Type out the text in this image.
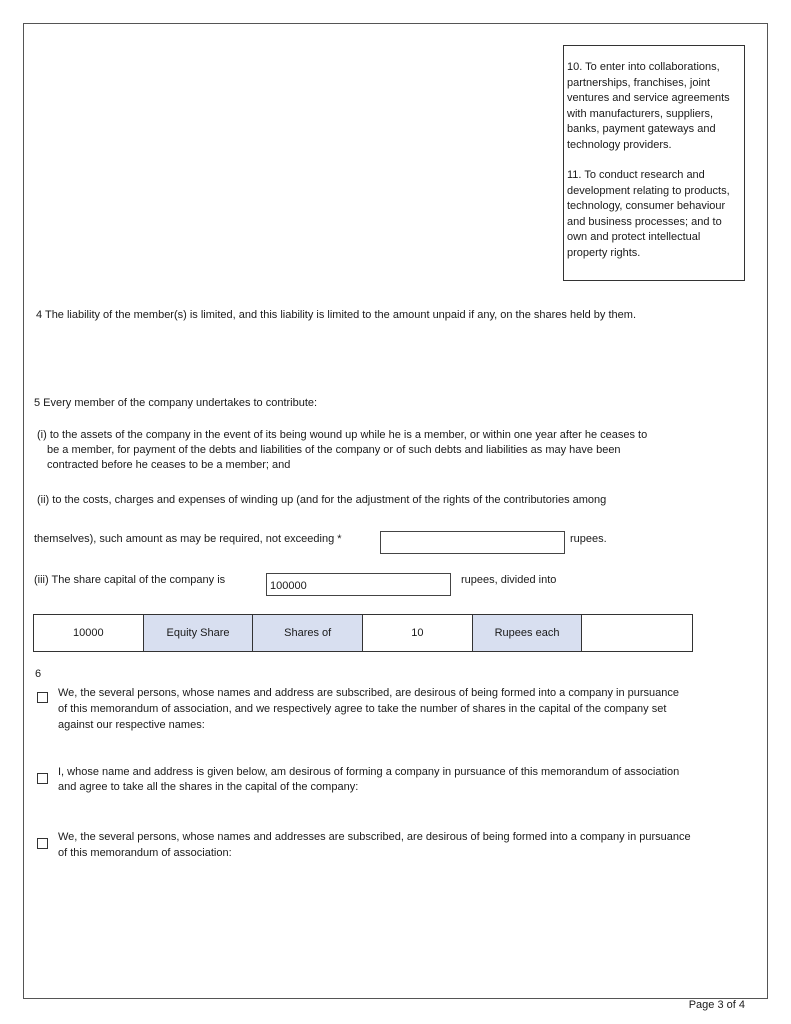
10. To enter into collaborations, partnerships, franchises, joint ventures and service agreements with manufacturers, suppliers, banks, payment gateways and technology providers.

11. To conduct research and development relating to products, technology, consumer behaviour and business processes; and to own and protect intellectual property rights.

4 The liability of the member(s) is limited, and this liability is limited to the amount unpaid if any, on the shares held by them.
5 Every member of the company undertakes to contribute:
(i) to the assets of the company in the event of its being wound up while he is a member, or within one year after he ceases to
be a member, for payment of the debts and liabilities of the company or of such debts and liabilities as may have been
contracted before he ceases to be a member; and
(ii) to the costs, charges and expenses of winding up (and for the adjustment of the rights of the contributories among
themselves), such amount as may be required, not exceeding *	rupees.
(iii) The share capital of the company is	100000	rupees, divided into
10000	Equity Share	Shares of	10	Rupees each
6
We, the several persons, whose names and address are subscribed, are desirous of being formed into a company in pursuance
of this memorandum of association, and we respectively agree to take the number of shares in the capital of the company set
against our respective names:
I, whose name and address is given below, am desirous of forming a company in pursuance of this memorandum of association
and agree to take all the shares in the capital of the company:
We, the several persons, whose names and addresses are subscribed, are desirous of being formed into a company in pursuance
of this memorandum of association:
Page 3 of 4
